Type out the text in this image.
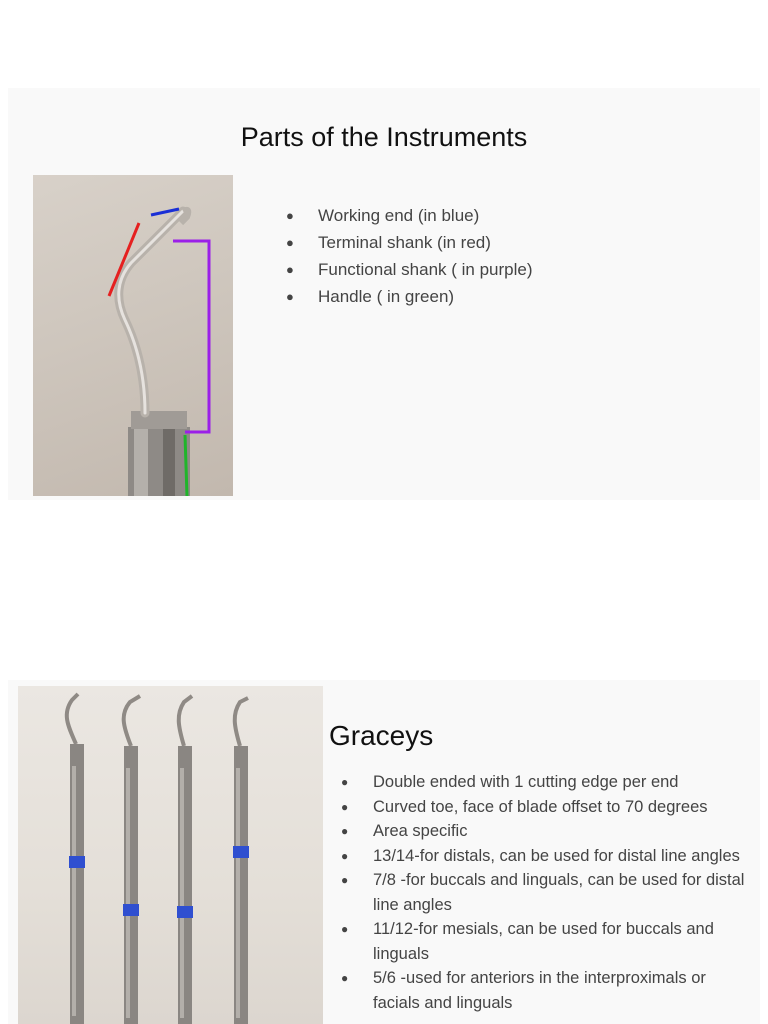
Parts of the Instruments
● Working end (in blue)
● Terminal shank (in red)
● Functional shank ( in purple)
● Handle ( in green)
Graceys
● Double ended with 1 cutting edge per end
● Curved toe, face of blade offset to 70 degrees
● Area specific
● 13/14-for distals, can be used for distal line angles
● 7/8 -for buccals and linguals, can be used for distal line angles
● 11/12-for mesials, can be used for buccals and linguals
● 5/6 -used for anteriors in the interproximals or facials and linguals
